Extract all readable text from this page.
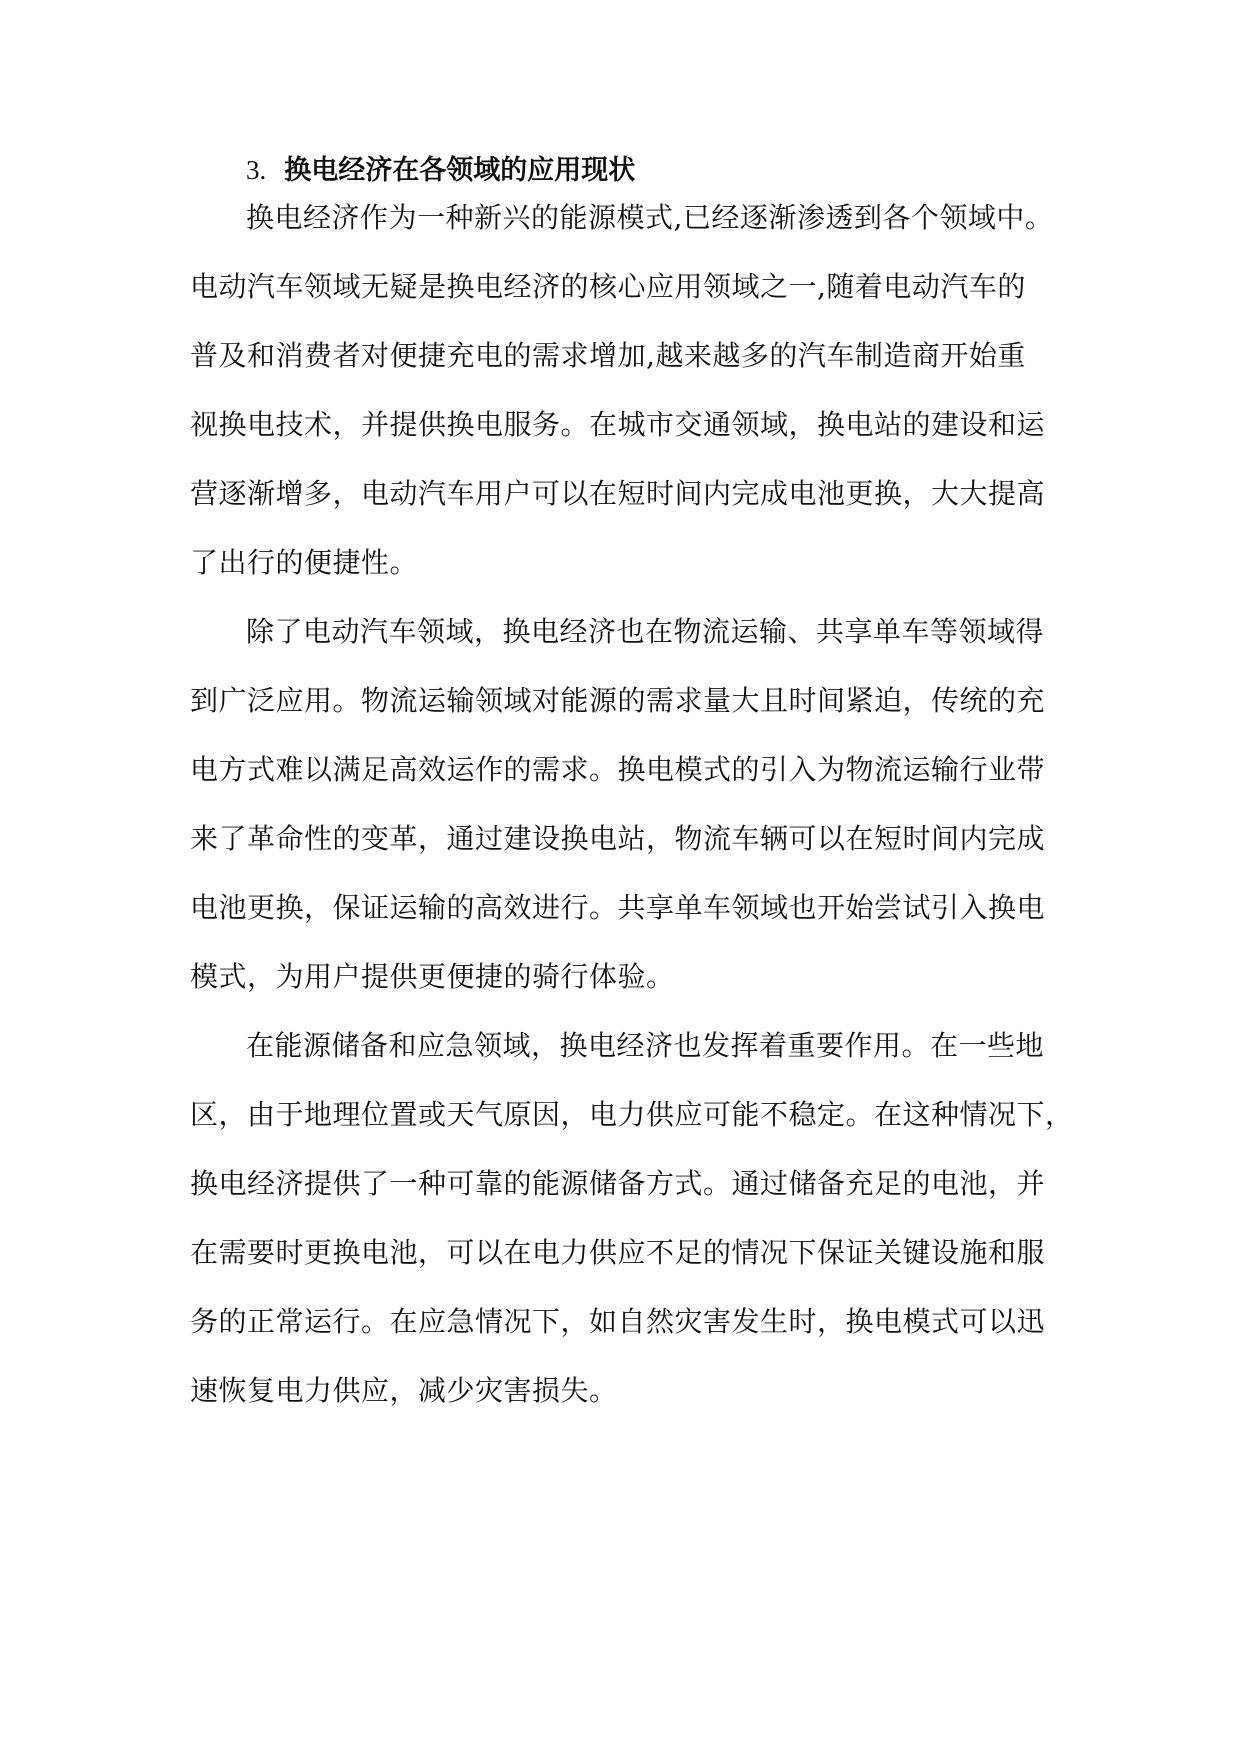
3. 换电经济在各领域的应用现状
换电经济作为一种新兴的能源模式,已经逐渐渗透到各个领域中。
电动汽车领域无疑是换电经济的核心应用领域之一,随着电动汽车的
普及和消费者对便捷充电的需求增加,越来越多的汽车制造商开始重
视换电技术，并提供换电服务。在城市交通领域，换电站的建设和运
营逐渐增多，电动汽车用户可以在短时间内完成电池更换，大大提高
了出行的便捷性。
除了电动汽车领域，换电经济也在物流运输、共享单车等领域得
到广泛应用。物流运输领域对能源的需求量大且时间紧迫，传统的充
电方式难以满足高效运作的需求。换电模式的引入为物流运输行业带
来了革命性的变革，通过建设换电站，物流车辆可以在短时间内完成
电池更换，保证运输的高效进行。共享单车领域也开始尝试引入换电
模式，为用户提供更便捷的骑行体验。
在能源储备和应急领域，换电经济也发挥着重要作用。在一些地
区，由于地理位置或天气原因，电力供应可能不稳定。在这种情况下，
换电经济提供了一种可靠的能源储备方式。通过储备充足的电池，并
在需要时更换电池，可以在电力供应不足的情况下保证关键设施和服
务的正常运行。在应急情况下，如自然灾害发生时，换电模式可以迅
速恢复电力供应，减少灾害损失。
